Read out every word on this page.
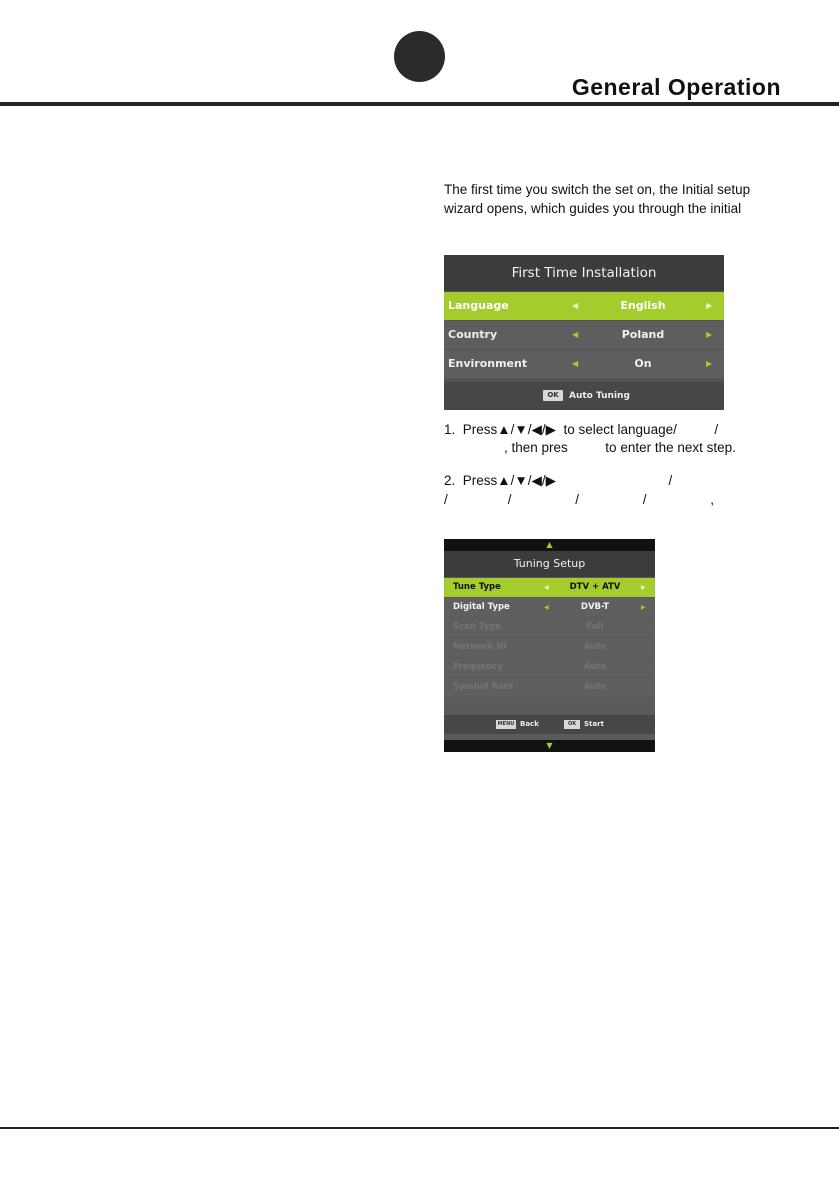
General Operation
The first time you switch the set on, the Initial setup
wizard opens, which guides you through the initial
First Time Installation
Language	◀	English	▶
Country	◀	Poland	▶
Environment	◀	On	▶
OK	Auto Tuning
1.  Press▲/▼/◀/▶  to select language/          /
, then pres          to enter the next step.
2.  Press▲/▼/◀/▶                              /
/                /                 /                 /                 ,
▲
Tuning Setup
Tune Type	◀	DTV + ATV	▶
Digital Type	◀	DVB-T	▶
Scan Type	Full
Network ID	Auto
Frequency	Auto
Symbol Rate	Auto
MENU Back	OK	Start
▼
